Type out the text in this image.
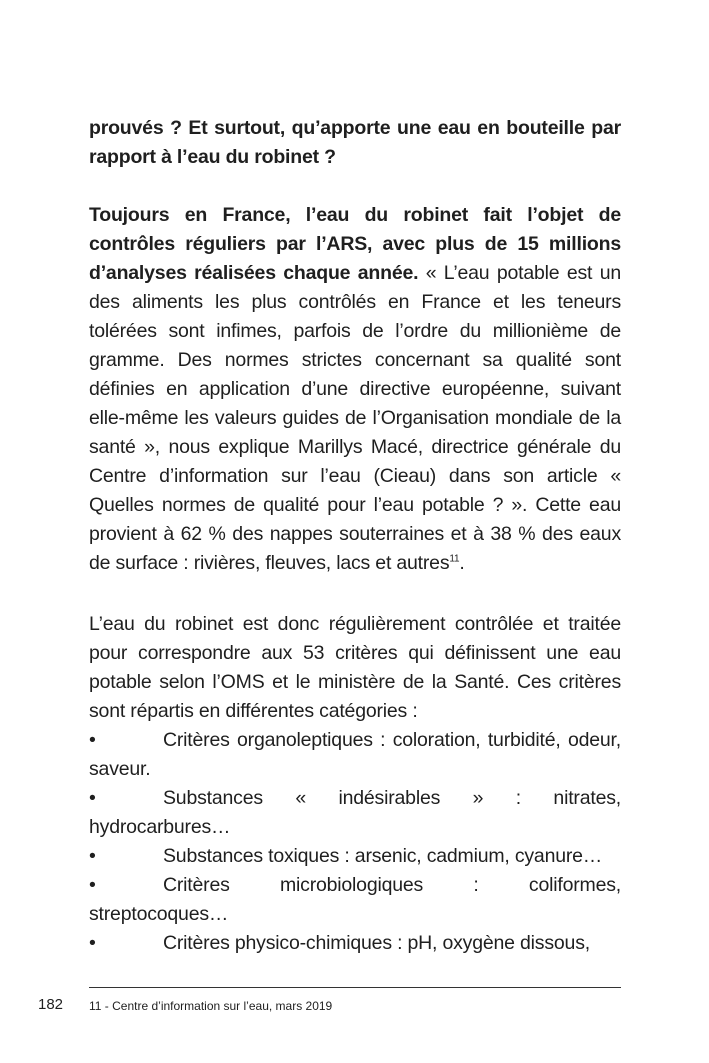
prouvés ? Et surtout, qu’apporte une eau en bouteille par rapport à l’eau du robinet ?
Toujours en France, l’eau du robinet fait l’objet de contrôles réguliers par l’ARS, avec plus de 15 millions d’analyses réalisées chaque année. « L’eau potable est un des aliments les plus contrôlés en France et les teneurs tolérées sont infimes, parfois de l’ordre du millionième de gramme. Des normes strictes concernant sa qualité sont définies en application d’une directive européenne, suivant elle-même les valeurs guides de l’Organisation mondiale de la santé », nous explique Marillys Macé, directrice générale du Centre d’information sur l’eau (Cieau) dans son article « Quelles normes de qualité pour l’eau potable ? ». Cette eau provient à 62 % des nappes souterraines et à 38 % des eaux de surface : rivières, fleuves, lacs et autres$^{11}$.
L’eau du robinet est donc régulièrement contrôlée et traitée pour correspondre aux 53 critères qui définissent une eau potable selon l’OMS et le ministère de la Santé. Ces critères sont répartis en différentes catégories :

•	Critères organoleptiques : coloration, turbidité, odeur, saveur.

•	Substances « indésirables » : nitrates, hydrocarbures…

•	Substances toxiques : arsenic, cadmium, cyanure…

•	Critères microbiologiques : coliformes, streptocoques…

•	Critères physico-chimiques : pH, oxygène dissous,

182 11 - Centre d’information sur l’eau, mars 2019
